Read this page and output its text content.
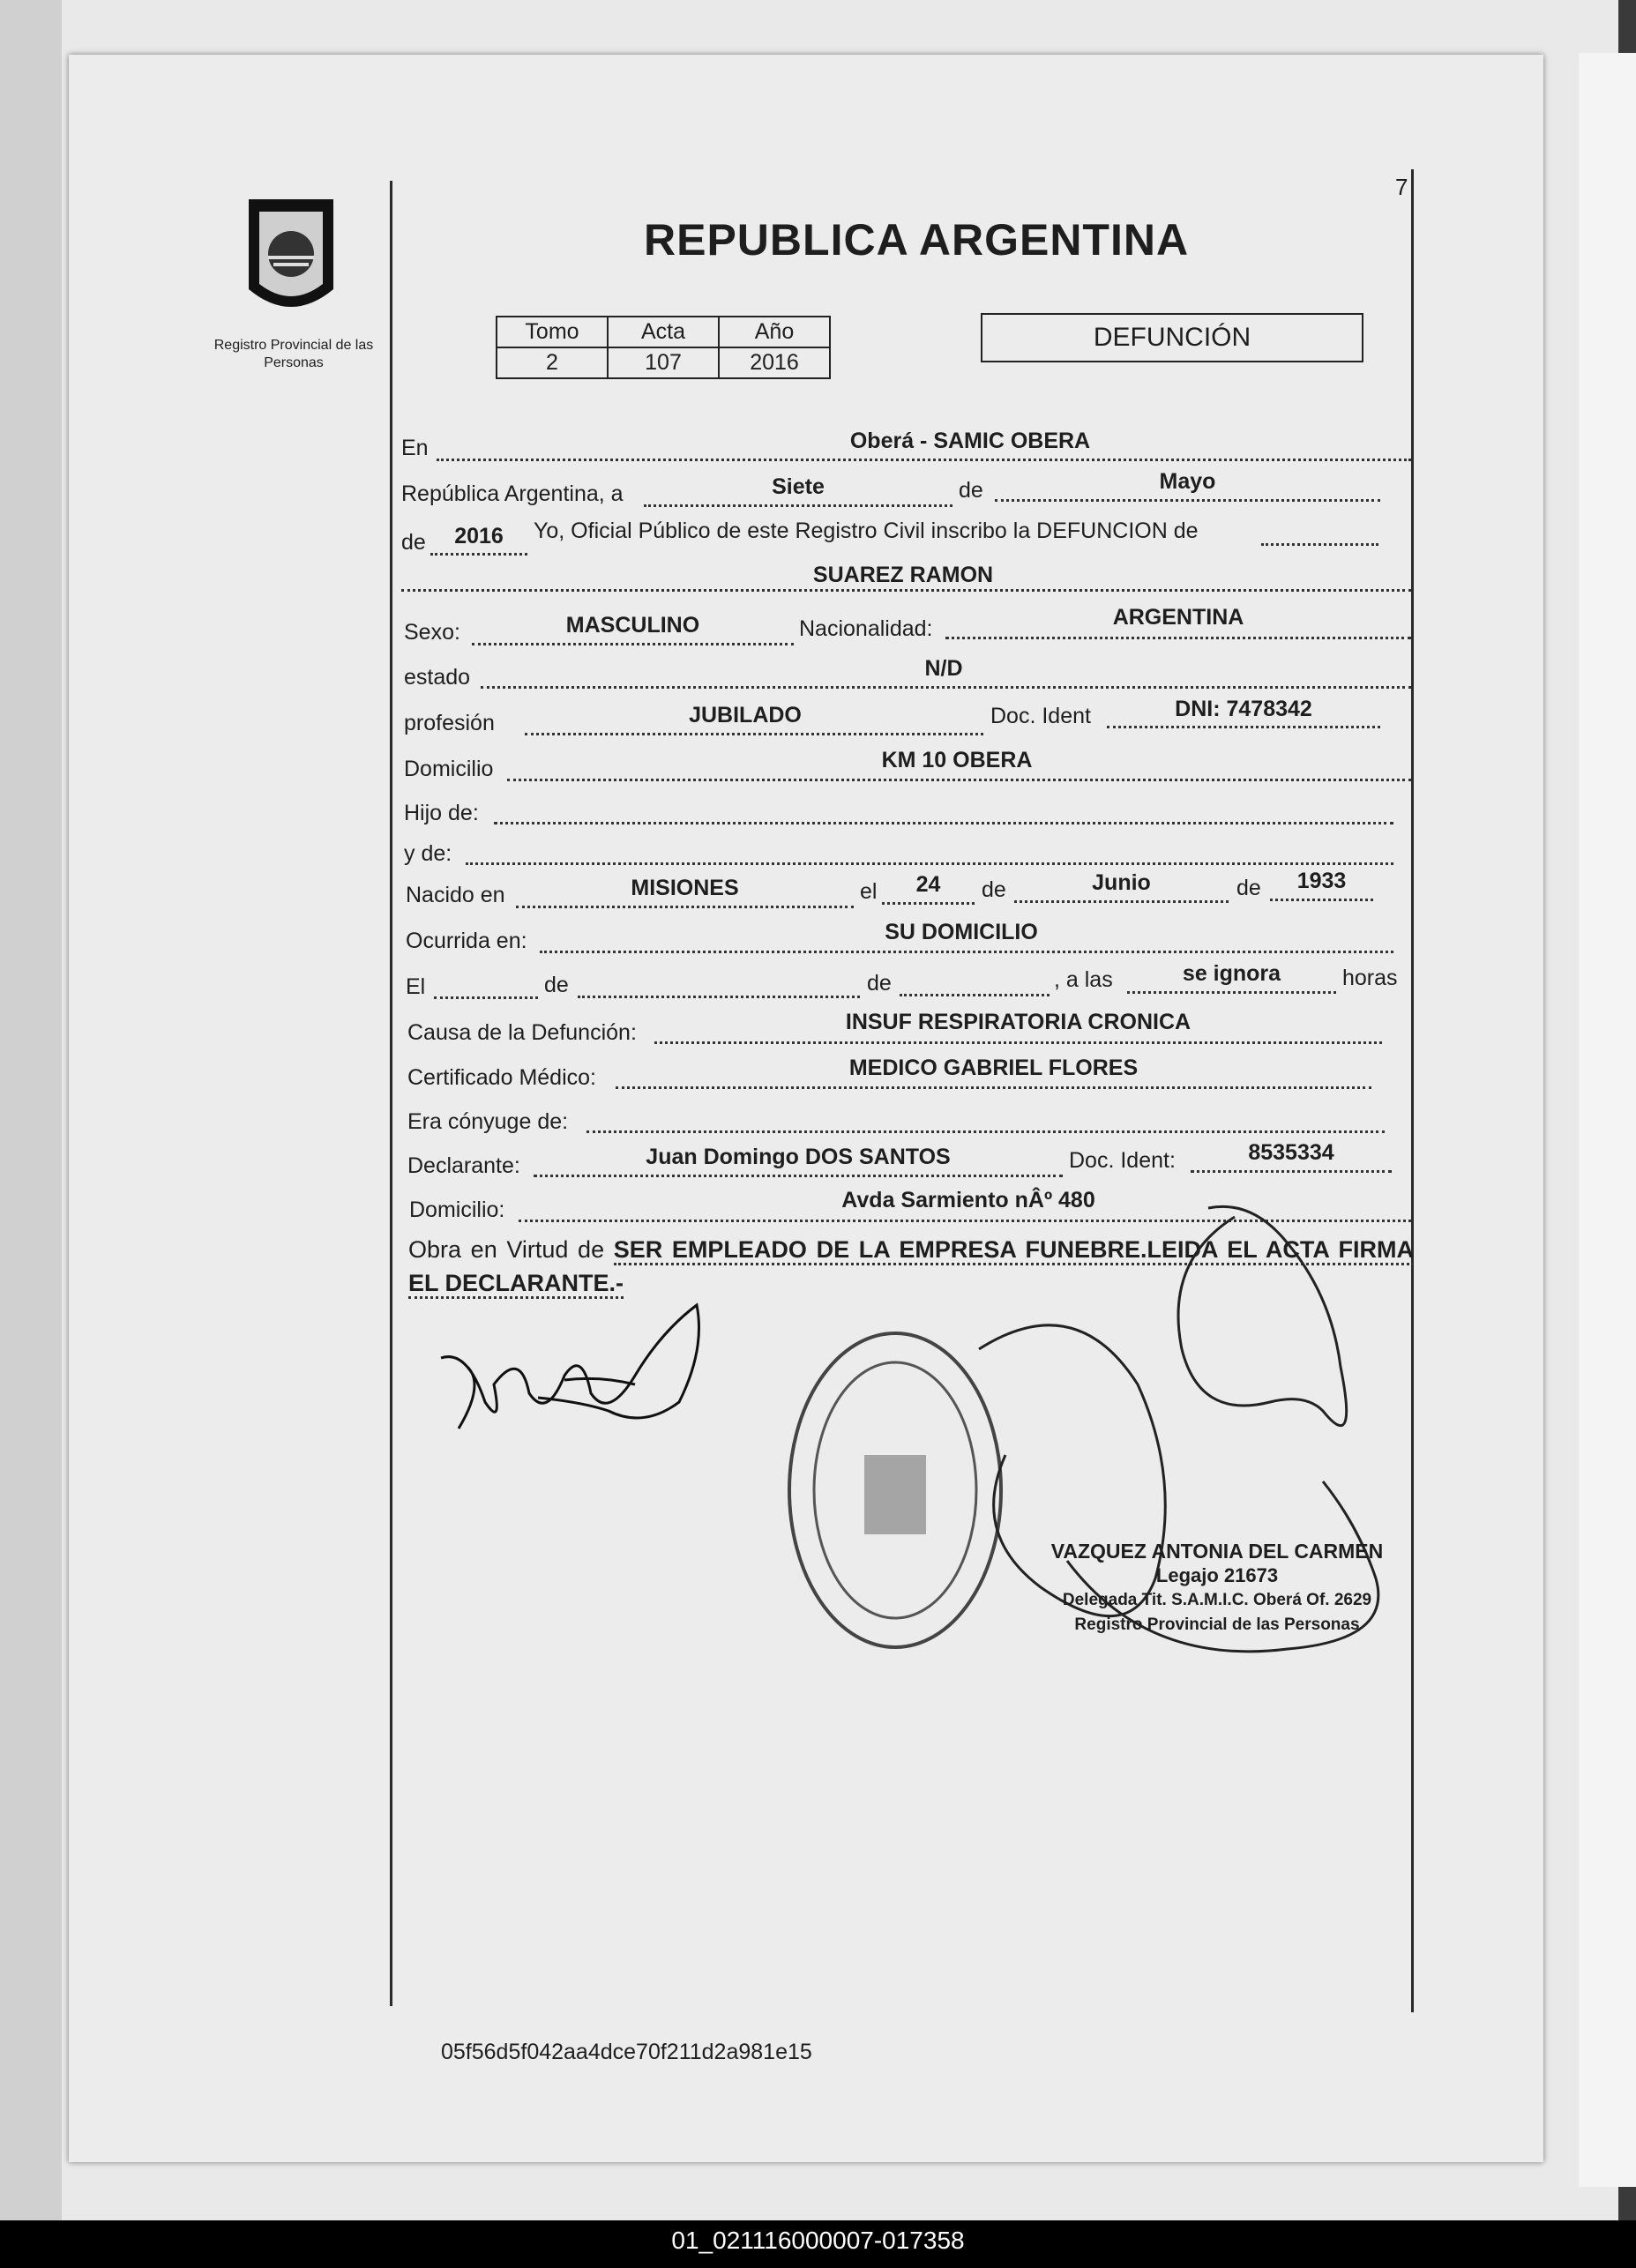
7
Registro Provincial de las Personas
REPUBLICA ARGENTINA
Tomo	Acta	Año
2	107	2016
DEFUNCIÓN
En	Oberá - SAMIC OBERA
República Argentina, a	Siete	de	Mayo
de	2016	Yo, Oficial Público de este Registro Civil inscribo la DEFUNCION de
SUAREZ RAMON
Sexo:	MASCULINO	Nacionalidad:	ARGENTINA
estado	N/D
profesión	JUBILADO	Doc. Ident	DNI: 7478342
Domicilio	KM 10 OBERA
Hijo de:
y de:
Nacido en	MISIONES	el	24	de	Junio	de	1933
Ocurrida en:	SU DOMICILIO
El	de	de	, a las	se ignora	horas
Causa de la Defunción:	INSUF RESPIRATORIA CRONICA
Certificado Médico:	MEDICO GABRIEL FLORES
Era cónyuge de:
Declarante:	Juan Domingo DOS SANTOS	Doc. Ident:	8535334
Domicilio:	Avda Sarmiento nÂº 480
Obra en Virtud de SER EMPLEADO DE LA EMPRESA FUNEBRE.LEIDA EL ACTA FIRMA EL DECLARANTE.-
VAZQUEZ ANTONIA DEL CARMEN
Legajo 21673
Delegada Tit. S.A.M.I.C. Oberá Of. 2629
Registro Provincial de las Personas
05f56d5f042aa4dce70f211d2a981e15
01_021116000007-017358
